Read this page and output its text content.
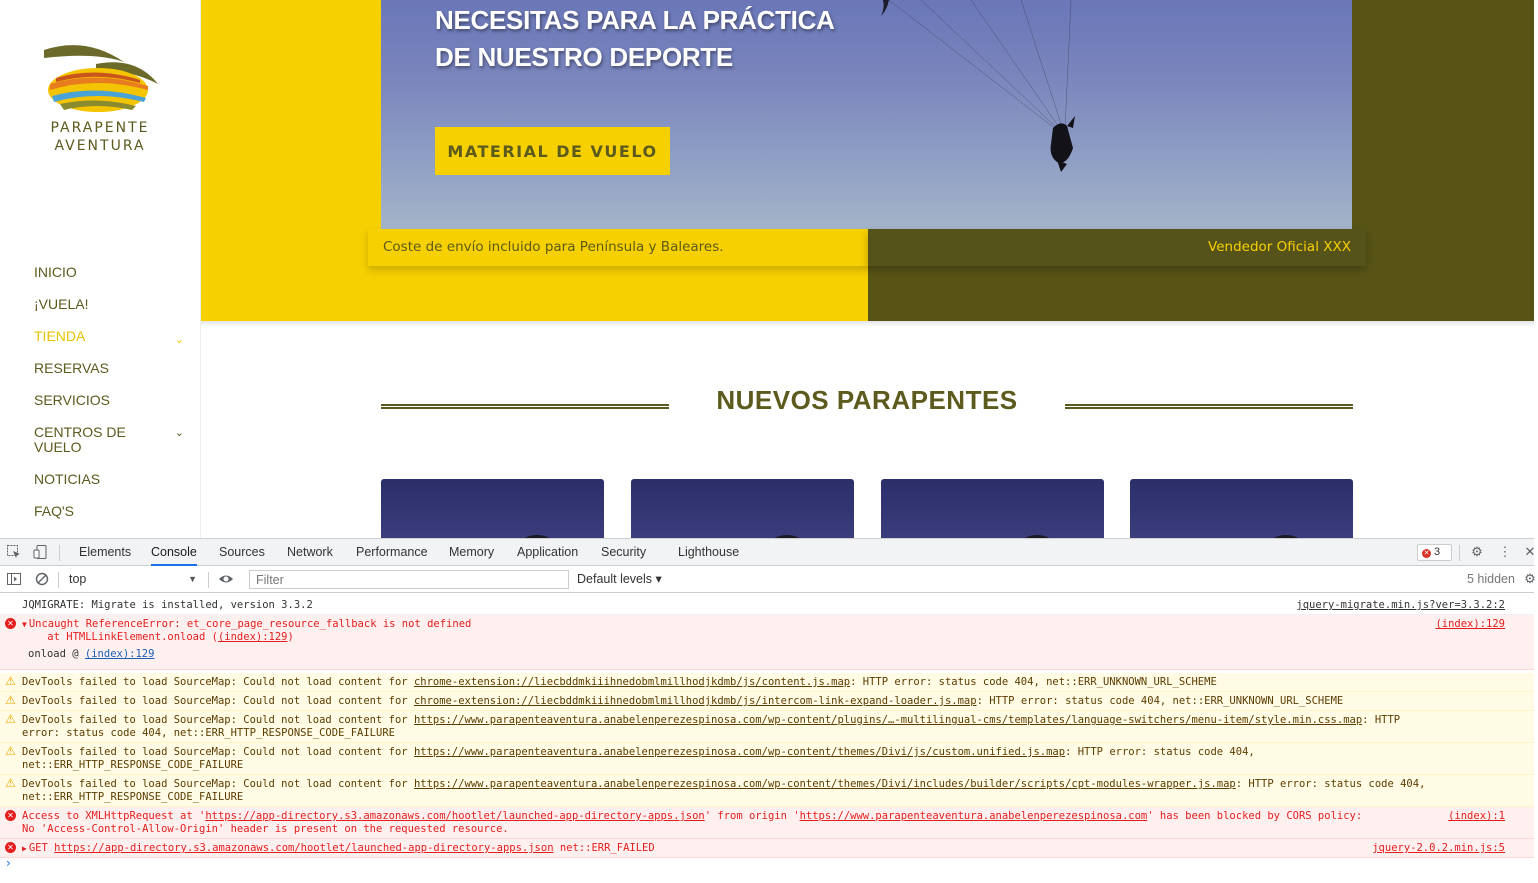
PARAPENTE
AVENTURA
INICIO
¡VUELA!
TIENDA	⌄
RESERVAS
SERVICIOS
CENTROS DE VUELO
⌄
NOTICIAS
FAQ'S
NECESITAS PARA LA PRÁCTICA
DE NUESTRO DEPORTE
MATERIAL DE VUELO
Coste de envío incluido para Península y Baleares.	Vendedor Oficial XXX
NUEVOS PARAPENTES
Elements Console Sources Network Performance Memory Application Security	Lighthouse	✕ 3	⚙ ⋮ ✕
top	▼
Filter	Default levels ▾	5 hidden ⚙
JQMIGRATE: Migrate is installed, version 3.3.2	jquery-migrate.min.js?ver=3.3.2:2
✕ ▼ Uncaught ReferenceError: et_core_page_resource_fallback is not defined
at HTMLLinkElement.onload ((index):129)
onload @ (index):129
(index):129
⚠ DevTools failed to load SourceMap: Could not load content for chrome-extension://liecbddmkiiihnedobmlmillhodjkdmb/js/content.js.map: HTTP error: status code 404, net::ERR_UNKNOWN_URL_SCHEME
⚠ DevTools failed to load SourceMap: Could not load content for chrome-extension://liecbddmkiiihnedobmlmillhodjkdmb/js/intercom-link-expand-loader.js.map: HTTP error: status code 404, net::ERR_UNKNOWN_URL_SCHEME
⚠ DevTools failed to load SourceMap: Could not load content for https://www.parapenteaventura.anabelenperezespinosa.com/wp-content/plugins/…-multilingual-cms/templates/language-switchers/menu-item/style.min.css.map: HTTP
error: status code 404, net::ERR_HTTP_RESPONSE_CODE_FAILURE
⚠ DevTools failed to load SourceMap: Could not load content for https://www.parapenteaventura.anabelenperezespinosa.com/wp-content/themes/Divi/js/custom.unified.js.map: HTTP error: status code 404,
net::ERR_HTTP_RESPONSE_CODE_FAILURE
⚠ DevTools failed to load SourceMap: Could not load content for https://www.parapenteaventura.anabelenperezespinosa.com/wp-content/themes/Divi/includes/builder/scripts/cpt-modules-wrapper.js.map: HTTP error: status code 404,
net::ERR_HTTP_RESPONSE_CODE_FAILURE
✕ Access to XMLHttpRequest at 'https://app-directory.s3.amazonaws.com/hootlet/launched-app-directory-apps.json' from origin 'https://www.parapenteaventura.anabelenperezespinosa.com' has been blocked by CORS policy:
No 'Access-Control-Allow-Origin' header is present on the requested resource.
(index):1
✕ ▶ GET https://app-directory.s3.amazonaws.com/hootlet/launched-app-directory-apps.json net::ERR_FAILED	jquery-2.0.2.min.js:5
›
